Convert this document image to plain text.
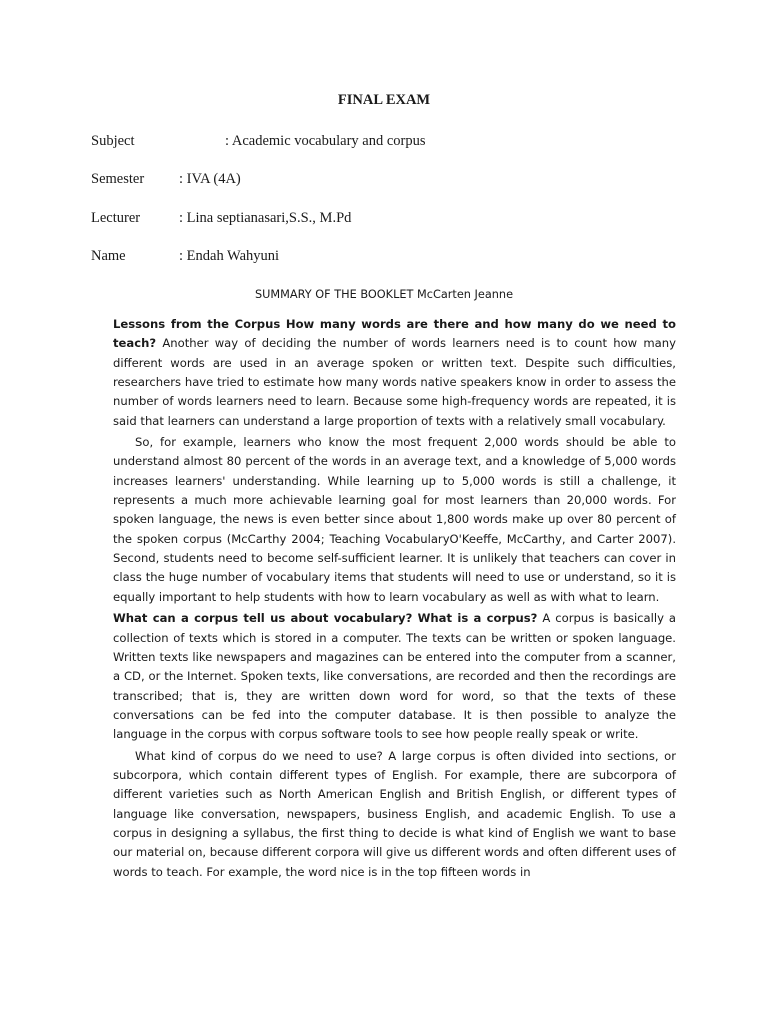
FINAL EXAM
Subject	: Academic vocabulary and corpus
Semester : IVA (4A)
Lecturer	: Lina septianasari,S.S., M.Pd
Name	: Endah Wahyuni
SUMMARY OF THE BOOKLET McCarten Jeanne

Lessons from the Corpus How many words are there and how many do we need to teach? Another way of deciding the number of words learners need is to count how many different words are used in an average spoken or written text. Despite such difficulties, researchers have tried to estimate how many words native speakers know in order to assess the number of words learners need to learn. Because some high-frequency words are repeated, it is said that learners can understand a large proportion of texts with a relatively small vocabulary.

So, for example, learners who know the most frequent 2,000 words should be able to understand almost 80 percent of the words in an average text, and a knowledge of 5,000 words increases learners' understanding. While learning up to 5,000 words is still a challenge, it represents a much more achievable learning goal for most learners than 20,000 words. For spoken language, the news is even better since about 1,800 words make up over 80 percent of the spoken corpus (McCarthy 2004; Teaching VocabularyO'Keeffe, McCarthy, and Carter 2007). Second, students need to become self-sufficient learner. It is unlikely that teachers can cover in class the huge number of vocabulary items that students will need to use or understand, so it is equally important to help students with how to learn vocabulary as well as with what to learn.

What can a corpus tell us about vocabulary? What is a corpus? A corpus is basically a collection of texts which is stored in a computer. The texts can be written or spoken language. Written texts like newspapers and magazines can be entered into the computer from a scanner, a CD, or the Internet. Spoken texts, like conversations, are recorded and then the recordings are transcribed; that is, they are written down word for word, so that the texts of these conversations can be fed into the computer database. It is then possible to analyze the language in the corpus with corpus software tools to see how people really speak or write.

What kind of corpus do we need to use? A large corpus is often divided into sections, or subcorpora, which contain different types of English. For example, there are subcorpora of different varieties such as North American English and British English, or different types of language like conversation, newspapers, business English, and academic English. To use a corpus in designing a syllabus, the first thing to decide is what kind of English we want to base our material on, because different corpora will give us different words and often different uses of words to teach. For example, the word nice is in the top fifteen words in
